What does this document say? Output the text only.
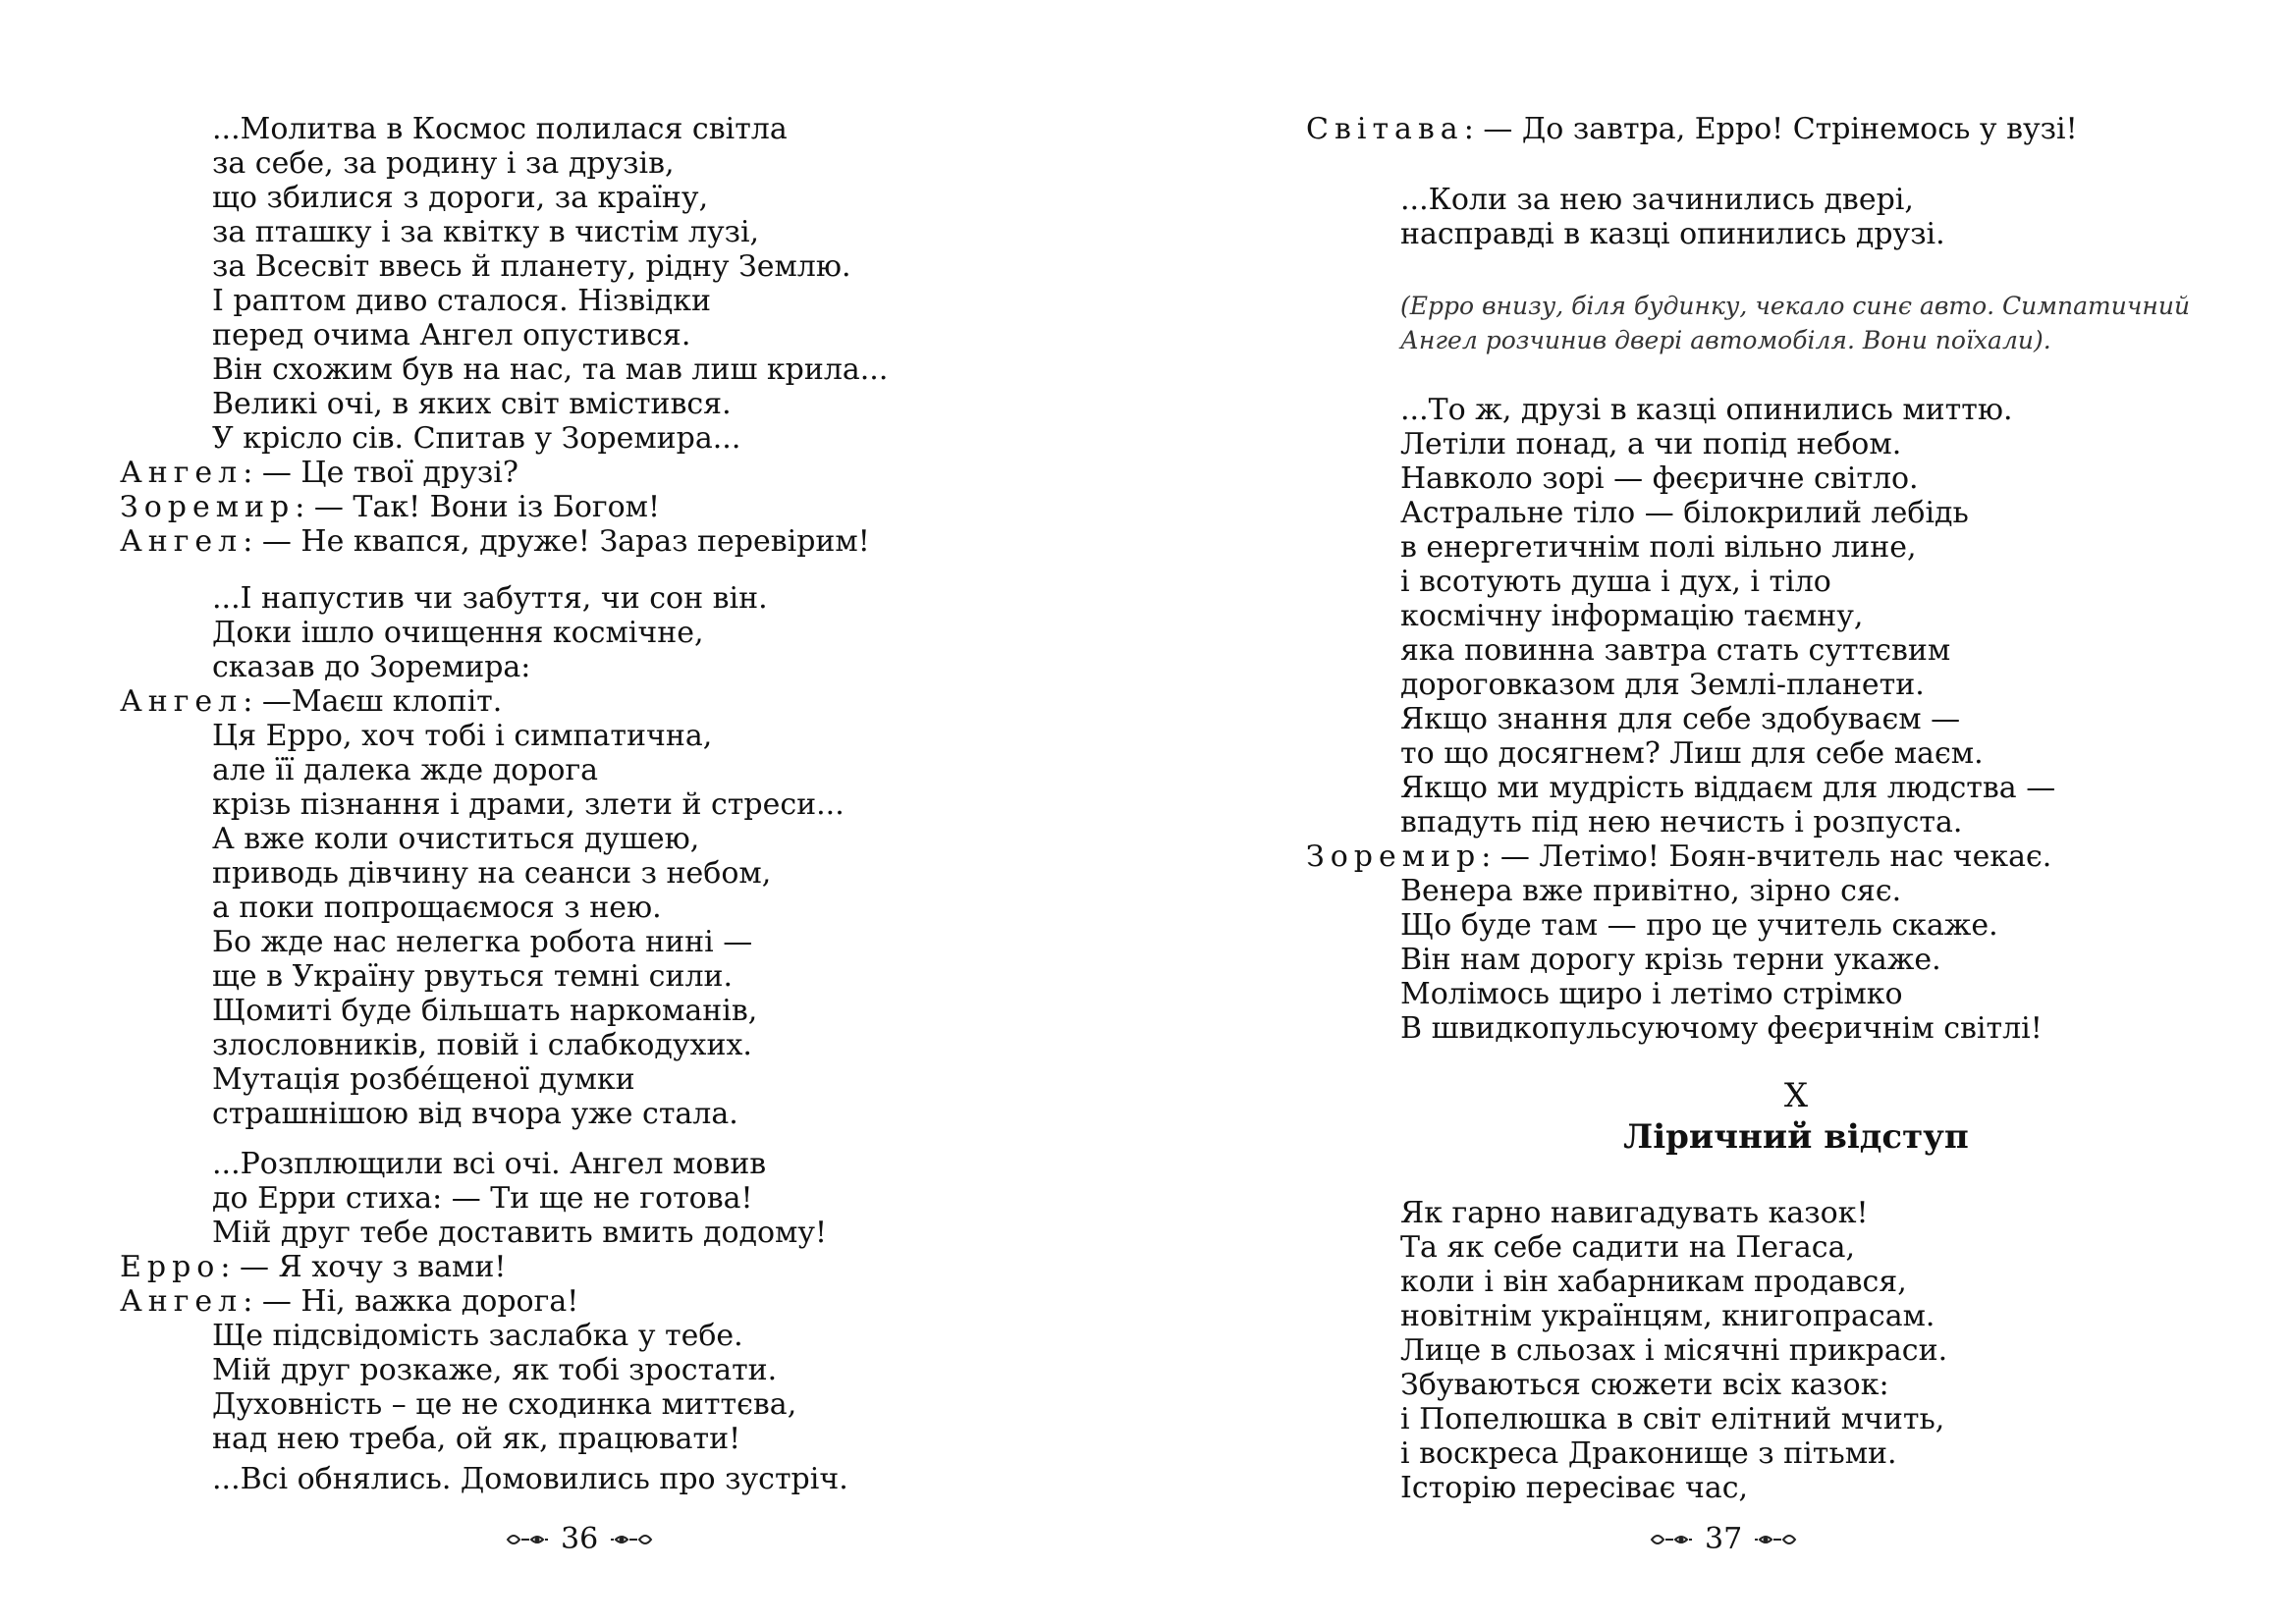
...Молитва в Космос полилася світла
за себе, за родину і за друзів,
що збилися з дороги, за країну,
за пташку і за квітку в чистім лузі,
за Всесвіт ввесь й планету, рідну Землю.
І раптом диво сталося. Нізвідки
перед очима Ангел опустився.
Він схожим був на нас, та мав лиш крила...
Великі очі, в яких світ вмістився.
У крісло сів. Спитав у Зоремира...
Ангел: — Це твої друзі?
Зоремир: — Так! Вони із Богом!
Ангел: — Не квапся, друже! Зараз перевірим!
...І напустив чи забуття, чи сон він.
Доки ішло очищення космічне,
сказав до Зоремира:
Ангел: —Маєш клопіт.
Ця Ерро, хоч тобі і симпатична,
але її далека жде дорога
крізь пізнання і драми, злети й стреси...
А вже коли очиститься душею,
приводь дівчину на сеанси з небом,
а поки попрощаємося з нею.
Бо жде нас нелегка робота нині —
ще в Україну рвуться темні сили.
Щомиті буде більшать наркоманів,
злословників, повій і слабкодухих.
Мутація розбе́щеної думки
страшнішою від вчора уже стала.
...Розплющили всі очі. Ангел мовив
до Ерри стиха: — Ти ще не готова!
Мій друг тебе доставить вмить додому!
Ерро: — Я хочу з вами!
Ангел: — Ні, важка дорога!
Ще підсвідомість заслабка у тебе.
Мій друг розкаже, як тобі зростати.
Духовність – це не сходинка миттєва,
над нею треба, ой як, працювати!
...Всі обнялись. Домовились про зустріч.
36
Світава: — До завтра, Ерро! Стрінемось у вузі!
...Коли за нею зачинились двері,
насправді в казці опинились друзі.
(Ерро внизу, біля будинку, чекало синє авто. Симпатичний
Ангел розчинив двері автомобіля. Вони поїхали).
...То ж, друзі в казці опинились миттю.
Летіли понад, а чи попід небом.
Навколо зорі — феєричне світло.
Астральне тіло — білокрилий лебідь
в енергетичнім полі вільно лине,
і всотують душа і дух, і тіло
космічну інформацію таємну,
яка повинна завтра стать суттєвим
дороговказом для Землі-планети.
Якщо знання для себе здобуваєм —
то що досягнем? Лиш для себе маєм.
Якщо ми мудрість віддаєм для людства —
впадуть під нею нечисть і розпуста.
Зоремир: — Летімо! Боян-вчитель нас чекає.
Венера вже привітно, зірно сяє.
Що буде там — про це учитель скаже.
Він нам дорогу крізь терни укаже.
Молімось щиро і летімо стрімко
В швидкопульсуючому феєричнім світлі!
X
Ліричний відступ
Як гарно навигадувать казок!
Та як себе садити на Пегаса,
коли і він хабарникам продався,
новітнім українцям, книгопрасам.
Лице в сльозах і місячні прикраси.
Збуваються сюжети всіх казок:
і Попелюшка в світ елітний мчить,
і воскреса Драконище з пітьми.
Історію пересіває час,
37
